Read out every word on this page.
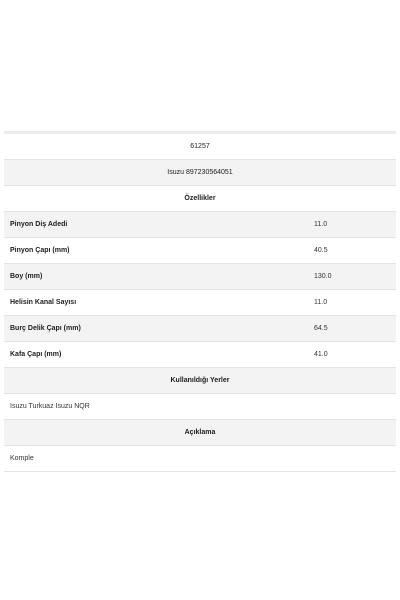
61257
Isuzu 897230564051
Özellikler
Pinyon Diş Adedi	11.0
Pinyon Çapı (mm)	40.5
Boy (mm)	130.0
Helisin Kanal Sayısı	11.0
Burç Delik Çapı (mm)	64.5
Kafa Çapı (mm)	41.0
Kullanıldığı Yerler
Isuzu Turkuaz Isuzu NQR
Açıklama
Komple
